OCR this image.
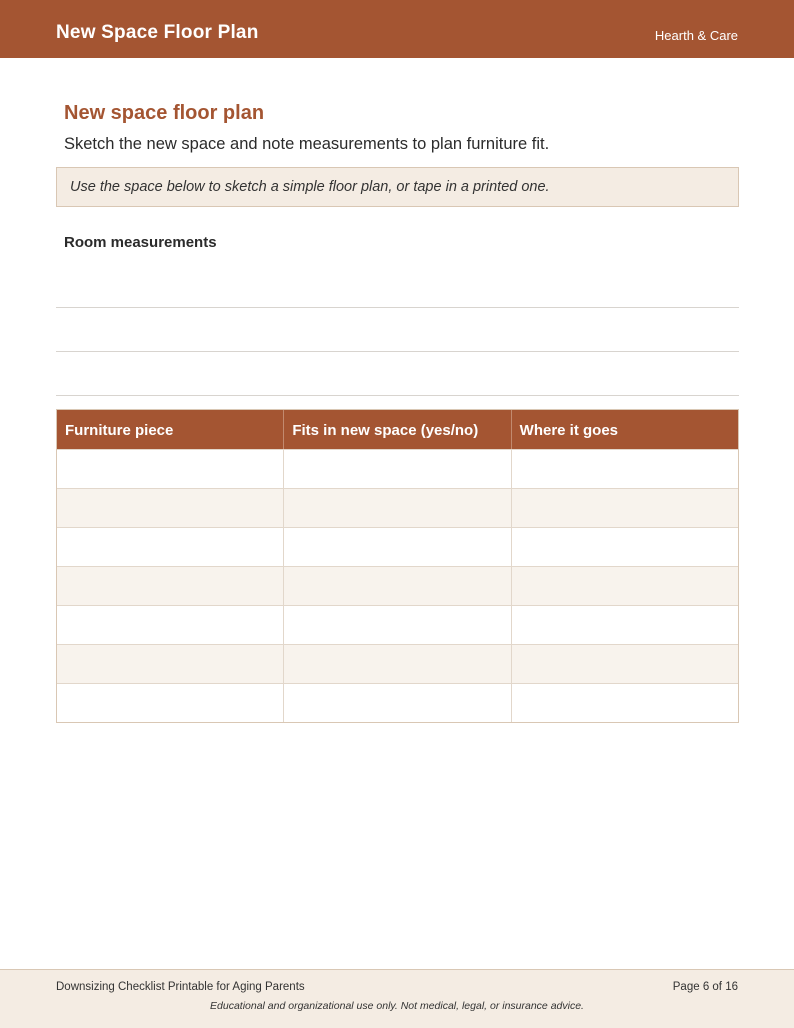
New Space Floor Plan	Hearth & Care
New space floor plan
Sketch the new space and note measurements to plan furniture fit.
Use the space below to sketch a simple floor plan, or tape in a printed one.
Room measurements
Furniture piece	Fits in new space (yes/no)	Where it goes
Downsizing Checklist Printable for Aging Parents	Page 6 of 16
Educational and organizational use only. Not medical, legal, or insurance advice.
